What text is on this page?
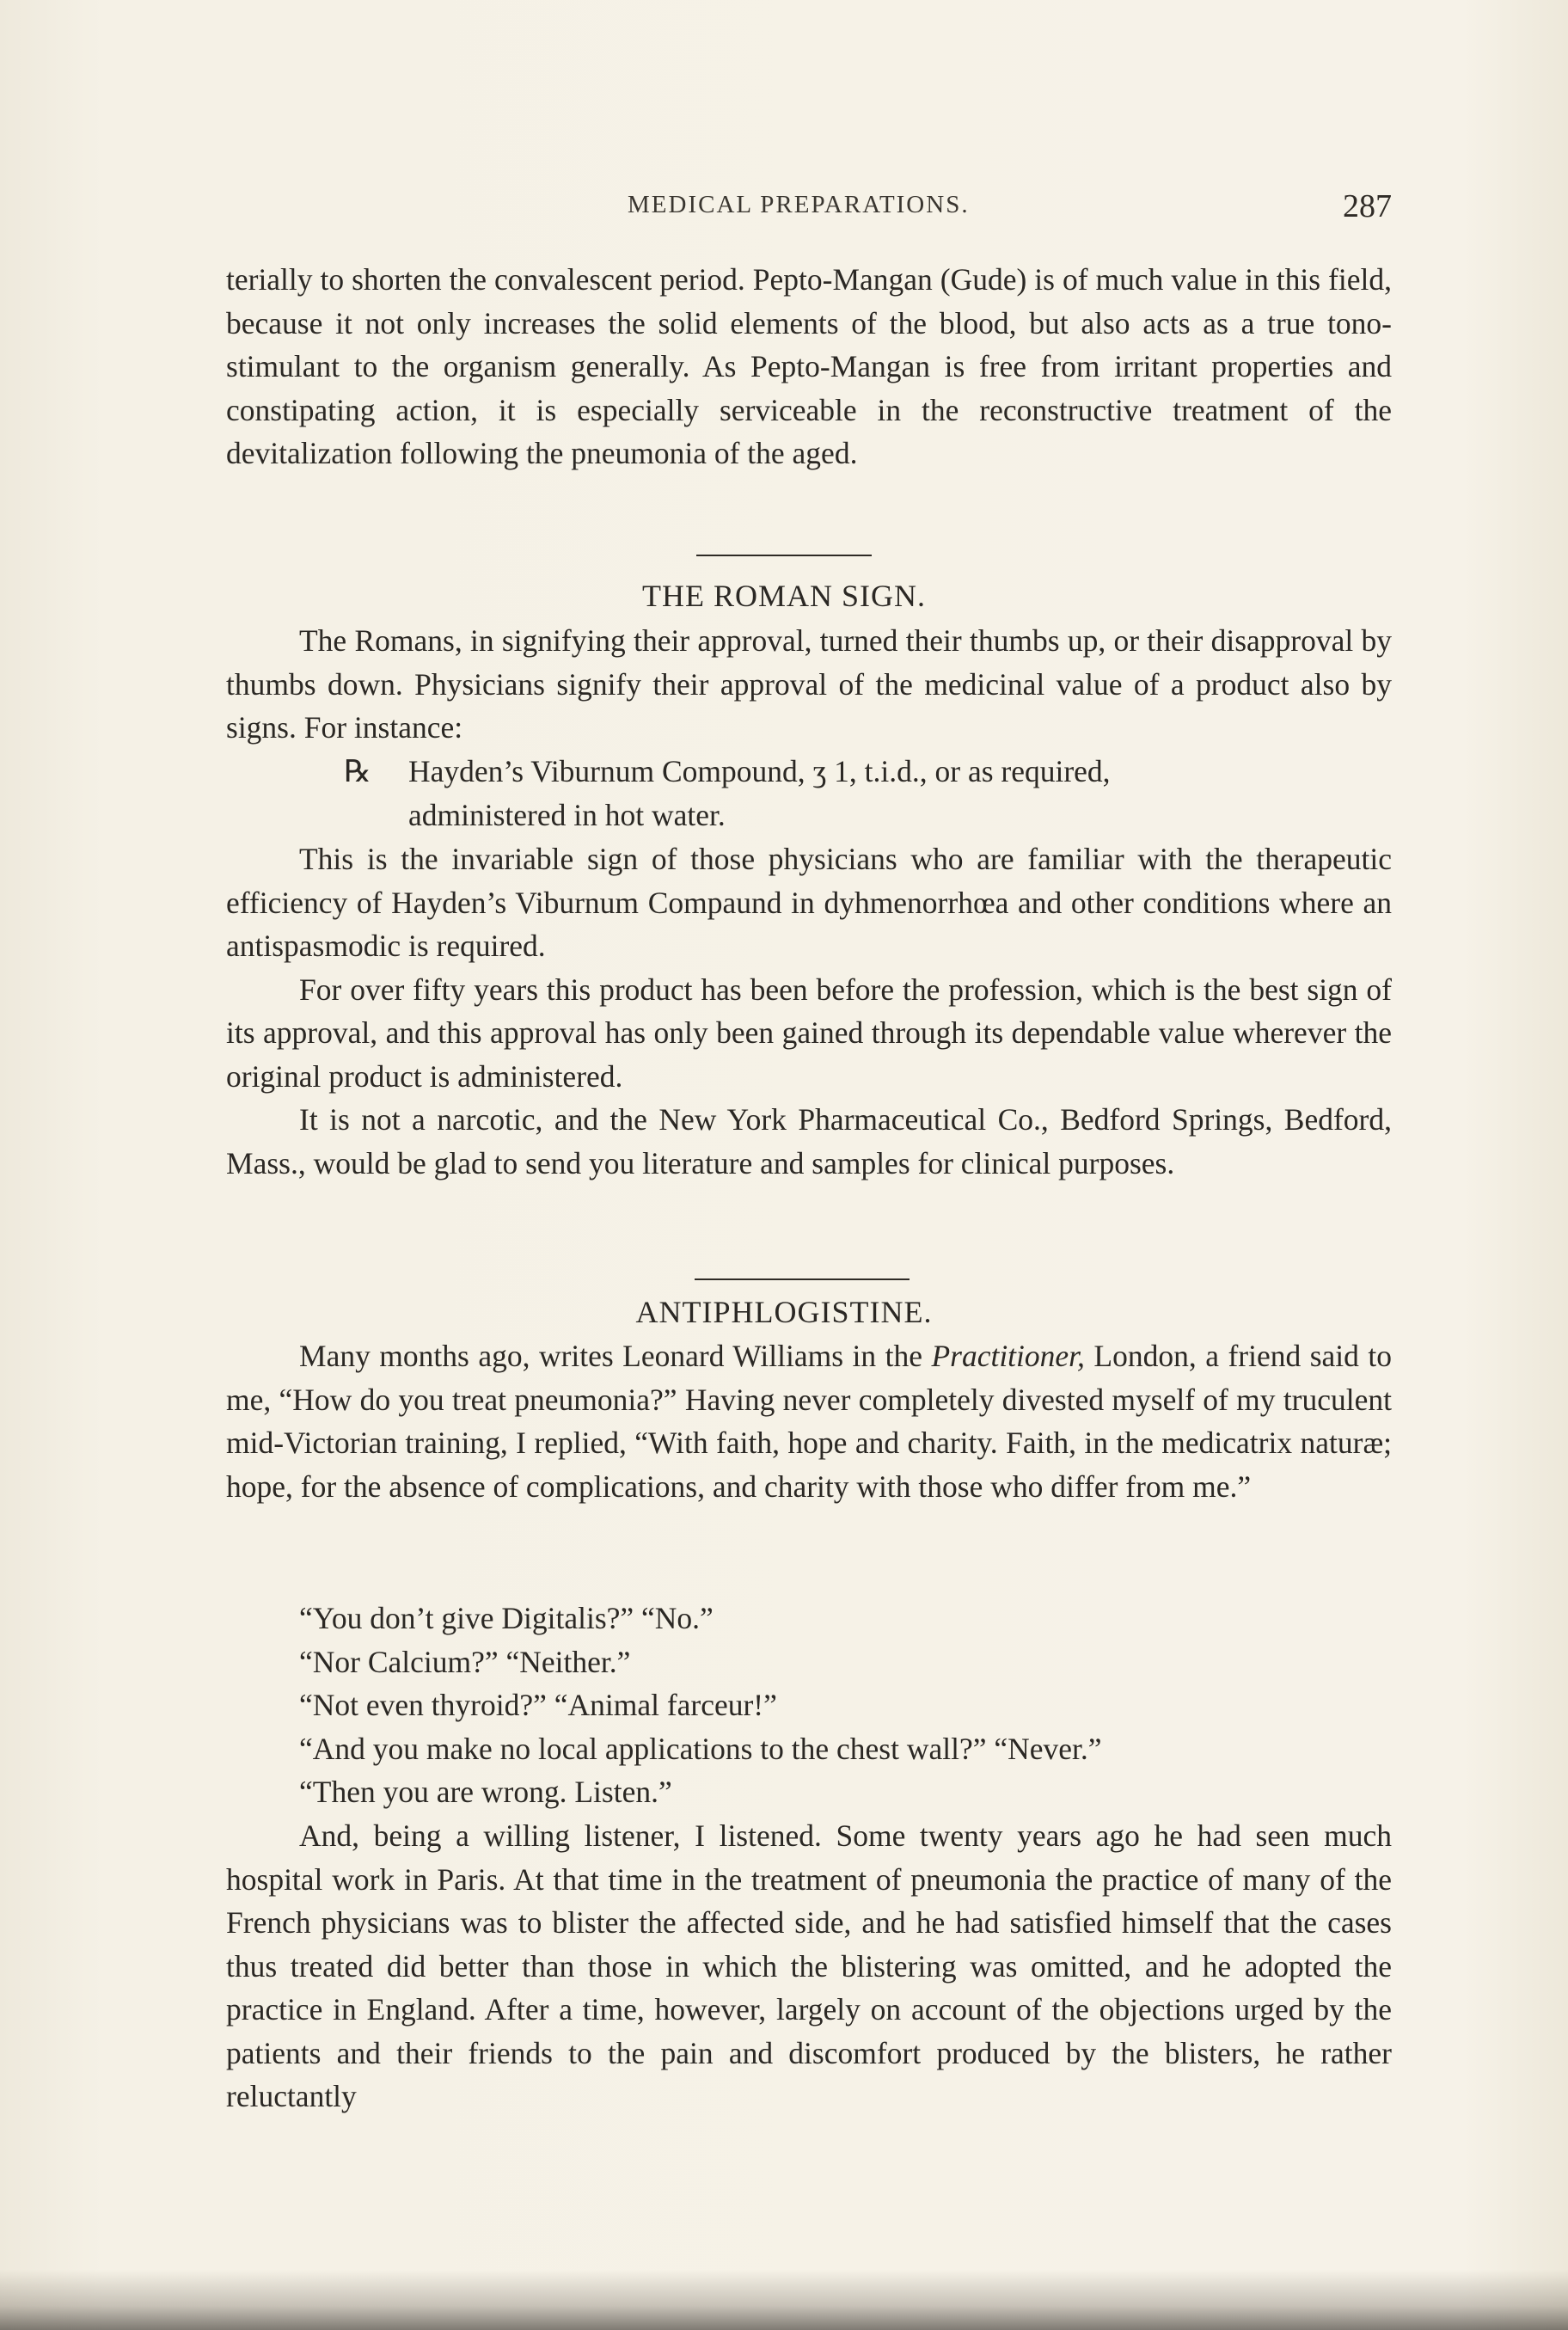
MEDICAL PREPARATIONS.	287

terially to shorten the convalescent period. Pepto-Mangan (Gude) is of much value in this field, because it not only increases the solid elements of the blood, but also acts as a true tono-stimulant to the organism generally. As Pepto-Mangan is free from irritant properties and constipating action, it is especially serviceable in the reconstructive treatment of the devitalization following the pneumonia of the aged.

THE ROMAN SIGN.

The Romans, in signifying their approval, turned their thumbs up, or their disapproval by thumbs down. Physicians signify their approval of the medicinal value of a product also by signs. For instance:

℞ Hayden’s Viburnum Compound, ʒ 1, t.i.d., or as required,
administered in hot water.

This is the invariable sign of those physicians who are familiar with the therapeutic efficiency of Hayden’s Viburnum Compaund in dyhmenorrhœa and other conditions where an antispasmodic is required.

For over fifty years this product has been before the profession, which is the best sign of its approval, and this approval has only been gained through its dependable value wherever the original product is administered.

It is not a narcotic, and the New York Pharmaceutical Co., Bedford Springs, Bedford, Mass., would be glad to send you literature and samples for clinical purposes.

ANTIPHLOGISTINE.

Many months ago, writes Leonard Williams in the Practitioner, London, a friend said to me, “How do you treat pneumonia?” Having never completely divested myself of my truculent mid-Victorian training, I replied, “With faith, hope and charity. Faith, in the medicatrix naturæ; hope, for the absence of complications, and charity with those who differ from me.”

“You don’t give Digitalis?” “No.”
“Nor Calcium?” “Neither.”
“Not even thyroid?” “Animal farceur!”
“And you make no local applications to the chest wall?” “Never.”
“Then you are wrong. Listen.”

And, being a willing listener, I listened. Some twenty years ago he had seen much hospital work in Paris. At that time in the treatment of pneumonia the practice of many of the French physicians was to blister the affected side, and he had satisfied himself that the cases thus treated did better than those in which the blistering was omitted, and he adopted the practice in England. After a time, however, largely on account of the objections urged by the patients and their friends to the pain and discomfort produced by the blisters, he rather reluctantly
